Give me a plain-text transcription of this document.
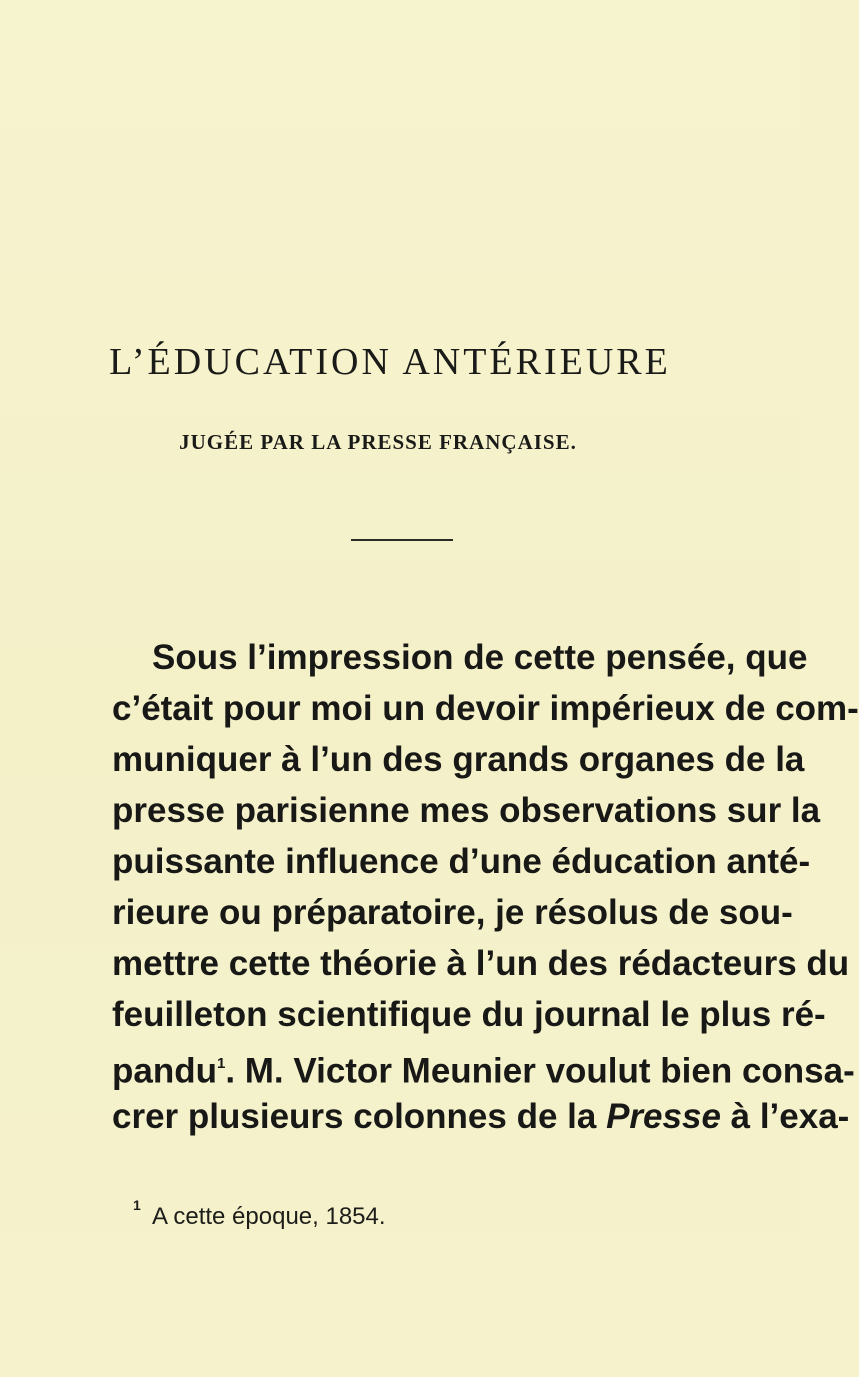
L’ÉDUCATION ANTÉRIEURE
JUGÉE PAR LA PRESSE FRANÇAISE.
Sous l’impression de cette pensée, que
c’était pour moi un devoir impérieux de com-
muniquer à l’un des grands organes de la
presse parisienne mes observations sur la
puissante influence d’une éducation anté-
rieure ou préparatoire, je résolus de sou-
mettre cette théorie à l’un des rédacteurs du
feuilleton scientifique du journal le plus ré-
pandu$^1$. M. Victor Meunier voulut bien consa-
crer plusieurs colonnes de la Presse à l’exa-
1 A cette époque, 1854.
